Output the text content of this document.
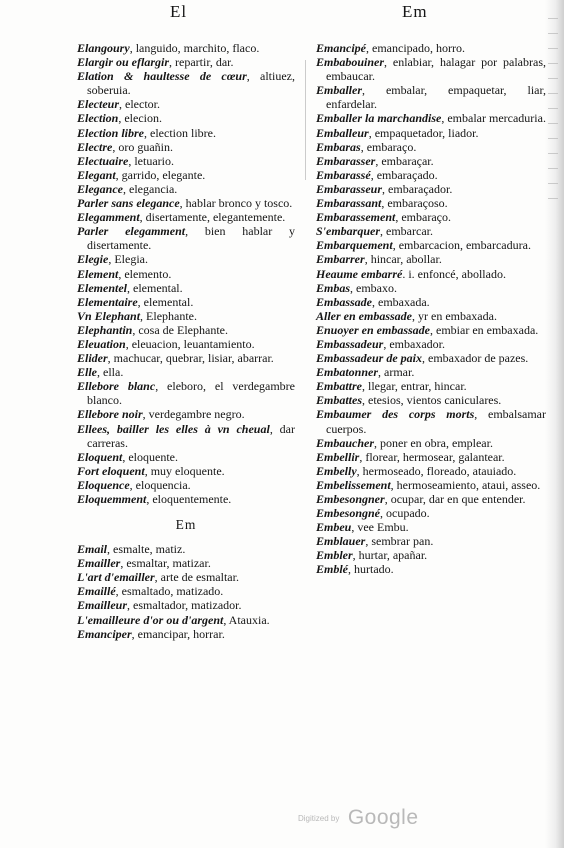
El	Em

Elangoury, languido, marchito, flaco.

Elargir ou eflargir, repartir, dar.

Elation & haultesse de cœur, altiuez, soberuia.

Electeur, elector.

Election, elecion.

Election libre, election libre.

Electre, oro guañin.

Electuaire, letuario.

Elegant, garrido, elegante.

Elegance, elegancia.

Parler sans elegance, hablar bronco y tosco.

Elegamment, disertamente, elegantemente.

Parler elegamment, bien hablar y disertamente.

Elegie, Elegia.

Element, elemento.

Elementel, elemental.

Elementaire, elemental.

Vn Elephant, Elephante.

Elephantin, cosa de Elephante.

Eleuation, eleuacion, leuantamiento.

Elider, machucar, quebrar, lisiar, abarrar.

Elle, ella.

Ellebore blanc, eleboro, el verdegambre blanco.

Ellebore noir, verdegambre negro.

Ellees, bailler les elles à vn cheual, dar carreras.

Eloquent, eloquente.

Fort eloquent, muy eloquente.

Eloquence, eloquencia.

Eloquemment, eloquentemente.

Em

Email, esmalte, matiz.

Emailler, esmaltar, matizar.

L'art d'emailler, arte de esmaltar.

Emaillé, esmaltado, matizado.

Emailleur, esmaltador, matizador.

L'emailleure d'or ou d'argent, Atauxia.

Emanciper, emancipar, horrar.

Emancipé, emancipado, horro.

Embabouiner, enlabiar, halagar por palabras, embaucar.

Emballer, embalar, empaquetar, liar, enfardelar.

Emballer la marchandise, embalar mercaduria.

Emballeur, empaquetador, liador.

Embaras, embaraço.

Embarasser, embaraçar.

Embarassé, embaraçado.

Embarasseur, embaraçador.

Embarassant, embaraçoso.

Embarassement, embaraço.

S'embarquer, embarcar.

Embarquement, embarcacion, embarcadura.

Embarrer, hincar, abollar.

Heaume embarré. i. enfoncé, abollado.

Embas, embaxo.

Embassade, embaxada.

Aller en embassade, yr en embaxada.

Enuoyer en embassade, embiar en embaxada.

Embassadeur, embaxador.

Embassadeur de paix, embaxador de pazes.

Embatonner, armar.

Embattre, llegar, entrar, hincar.

Embattes, etesios, vientos caniculares.

Embaumer des corps morts, embalsamar cuerpos.

Embaucher, poner en obra, emplear.

Embellir, florear, hermosear, galantear.

Embelly, hermoseado, floreado, atauiado.

Embelissement, hermoseamiento, ataui, asseo.

Embesongner, ocupar, dar en que entender.

Embesongné, ocupado.

Embeu, vee Embu.

Emblauer, sembrar pan.

Embler, hurtar, apañar.

Emblé, hurtado.

Digitized by Google
